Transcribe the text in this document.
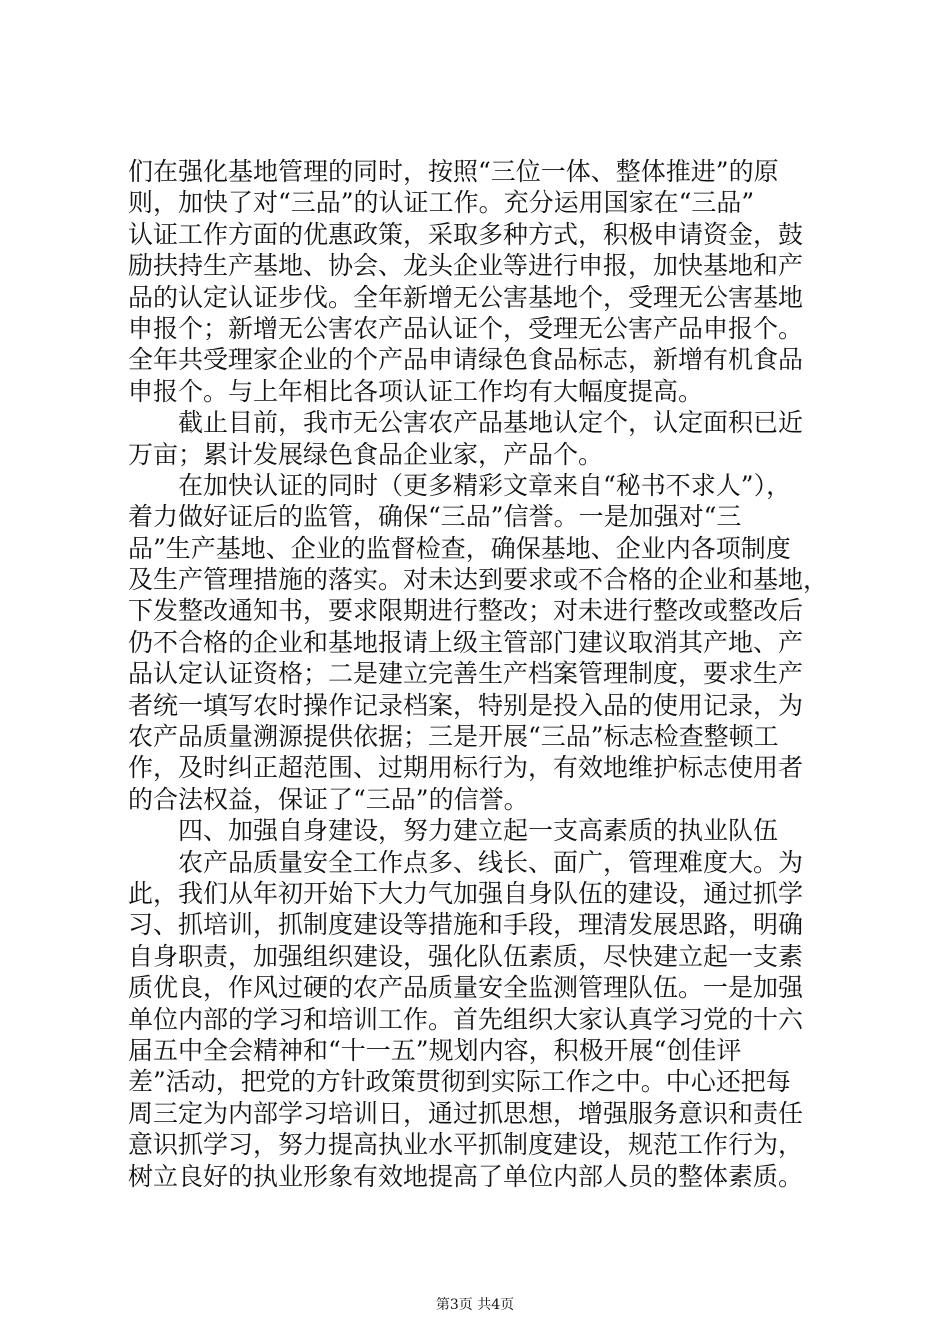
们在强化基地管理的同时，按照“三位一体、整体推进”的原
则，加快了对“三品”的认证工作。充分运用国家在“三品”
认证工作方面的优惠政策，采取多种方式，积极申请资金，鼓
励扶持生产基地、协会、龙头企业等进行申报，加快基地和产
品的认定认证步伐。全年新增无公害基地个，受理无公害基地
申报个；新增无公害农产品认证个，受理无公害产品申报个。
全年共受理家企业的个产品申请绿色食品标志，新增有机食品
申报个。与上年相比各项认证工作均有大幅度提高。
截止目前，我市无公害农产品基地认定个，认定面积已近
万亩；累计发展绿色食品企业家，产品个。
在加快认证的同时（更多精彩文章来自“秘书不求人”），
着力做好证后的监管，确保“三品”信誉。一是加强对“三
品”生产基地、企业的监督检查，确保基地、企业内各项制度
及生产管理措施的落实。对未达到要求或不合格的企业和基地，
下发整改通知书，要求限期进行整改；对未进行整改或整改后
仍不合格的企业和基地报请上级主管部门建议取消其产地、产
品认定认证资格；二是建立完善生产档案管理制度，要求生产
者统一填写农时操作记录档案，特别是投入品的使用记录，为
农产品质量溯源提供依据；三是开展“三品”标志检查整顿工
作，及时纠正超范围、过期用标行为，有效地维护标志使用者
的合法权益，保证了“三品”的信誉。
四、加强自身建设，努力建立起一支高素质的执业队伍
农产品质量安全工作点多、线长、面广，管理难度大。为
此，我们从年初开始下大力气加强自身队伍的建设，通过抓学
习、抓培训，抓制度建设等措施和手段，理清发展思路，明确
自身职责，加强组织建设，强化队伍素质，尽快建立起一支素
质优良，作风过硬的农产品质量安全监测管理队伍。一是加强
单位内部的学习和培训工作。首先组织大家认真学习党的十六
届五中全会精神和“十一五”规划内容，积极开展“创佳评
差”活动，把党的方针政策贯彻到实际工作之中。中心还把每
周三定为内部学习培训日，通过抓思想，增强服务意识和责任
意识抓学习，努力提高执业水平抓制度建设，规范工作行为，
树立良好的执业形象有效地提高了单位内部人员的整体素质。
第3页 共4页
